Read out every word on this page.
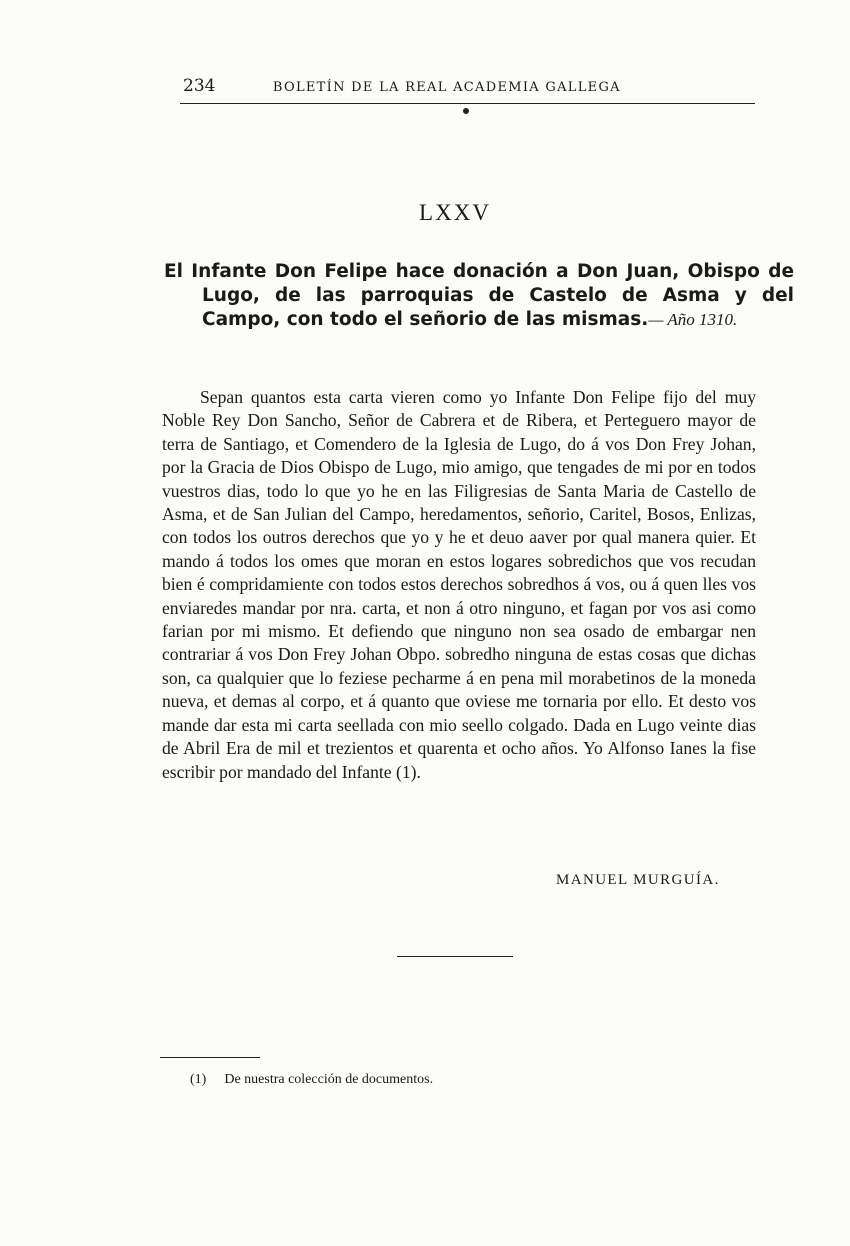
234	BOLETÍN DE LA REAL ACADEMIA GALLEGA
LXXV
El Infante Don Felipe hace donación a Don Juan, Obispo de Lugo, de las parroquias de Castelo de Asma y del Campo, con todo el señorio de las mismas.— Año 1310.

Sepan quantos esta carta vieren como yo Infante Don Felipe fijo del muy Noble Rey Don Sancho, Señor de Cabrera et de Ribera, et Perteguero mayor de terra de Santiago, et Comendero de la Iglesia de Lugo, do á vos Don Frey Johan, por la Gracia de Dios Obispo de Lugo, mio amigo, que tengades de mi por en todos vuestros dias, todo lo que yo he en las Filigresias de Santa Maria de Castello de Asma, et de San Julian del Campo, heredamentos, señorio, Caritel, Bosos, Enlizas, con todos los outros derechos que yo y he et deuo aaver por qual manera quier. Et mando á todos los omes que moran en estos logares sobredichos que vos recudan bien é compridamiente con todos estos derechos sobredhos á vos, ou á quen lles vos enviaredes mandar por nra. carta, et non á otro ninguno, et fagan por vos asi como farian por mi mismo. Et defiendo que ninguno non sea osado de embargar nen contrariar á vos Don Frey Johan Obpo. sobredho ninguna de estas cosas que dichas son, ca qualquier que lo feziese pecharme á en pena mil morabetinos de la moneda nueva, et demas al corpo, et á quanto que oviese me tornaria por ello. Et desto vos mande dar esta mi carta seellada con mio seello colgado. Dada en Lugo veinte dias de Abril Era de mil et trezientos et quarenta et ocho años. Yo Alfonso Ianes la fise escribir por mandado del Infante (1).

MANUEL MURGUÍA.
(1) De nuestra colección de documentos.
